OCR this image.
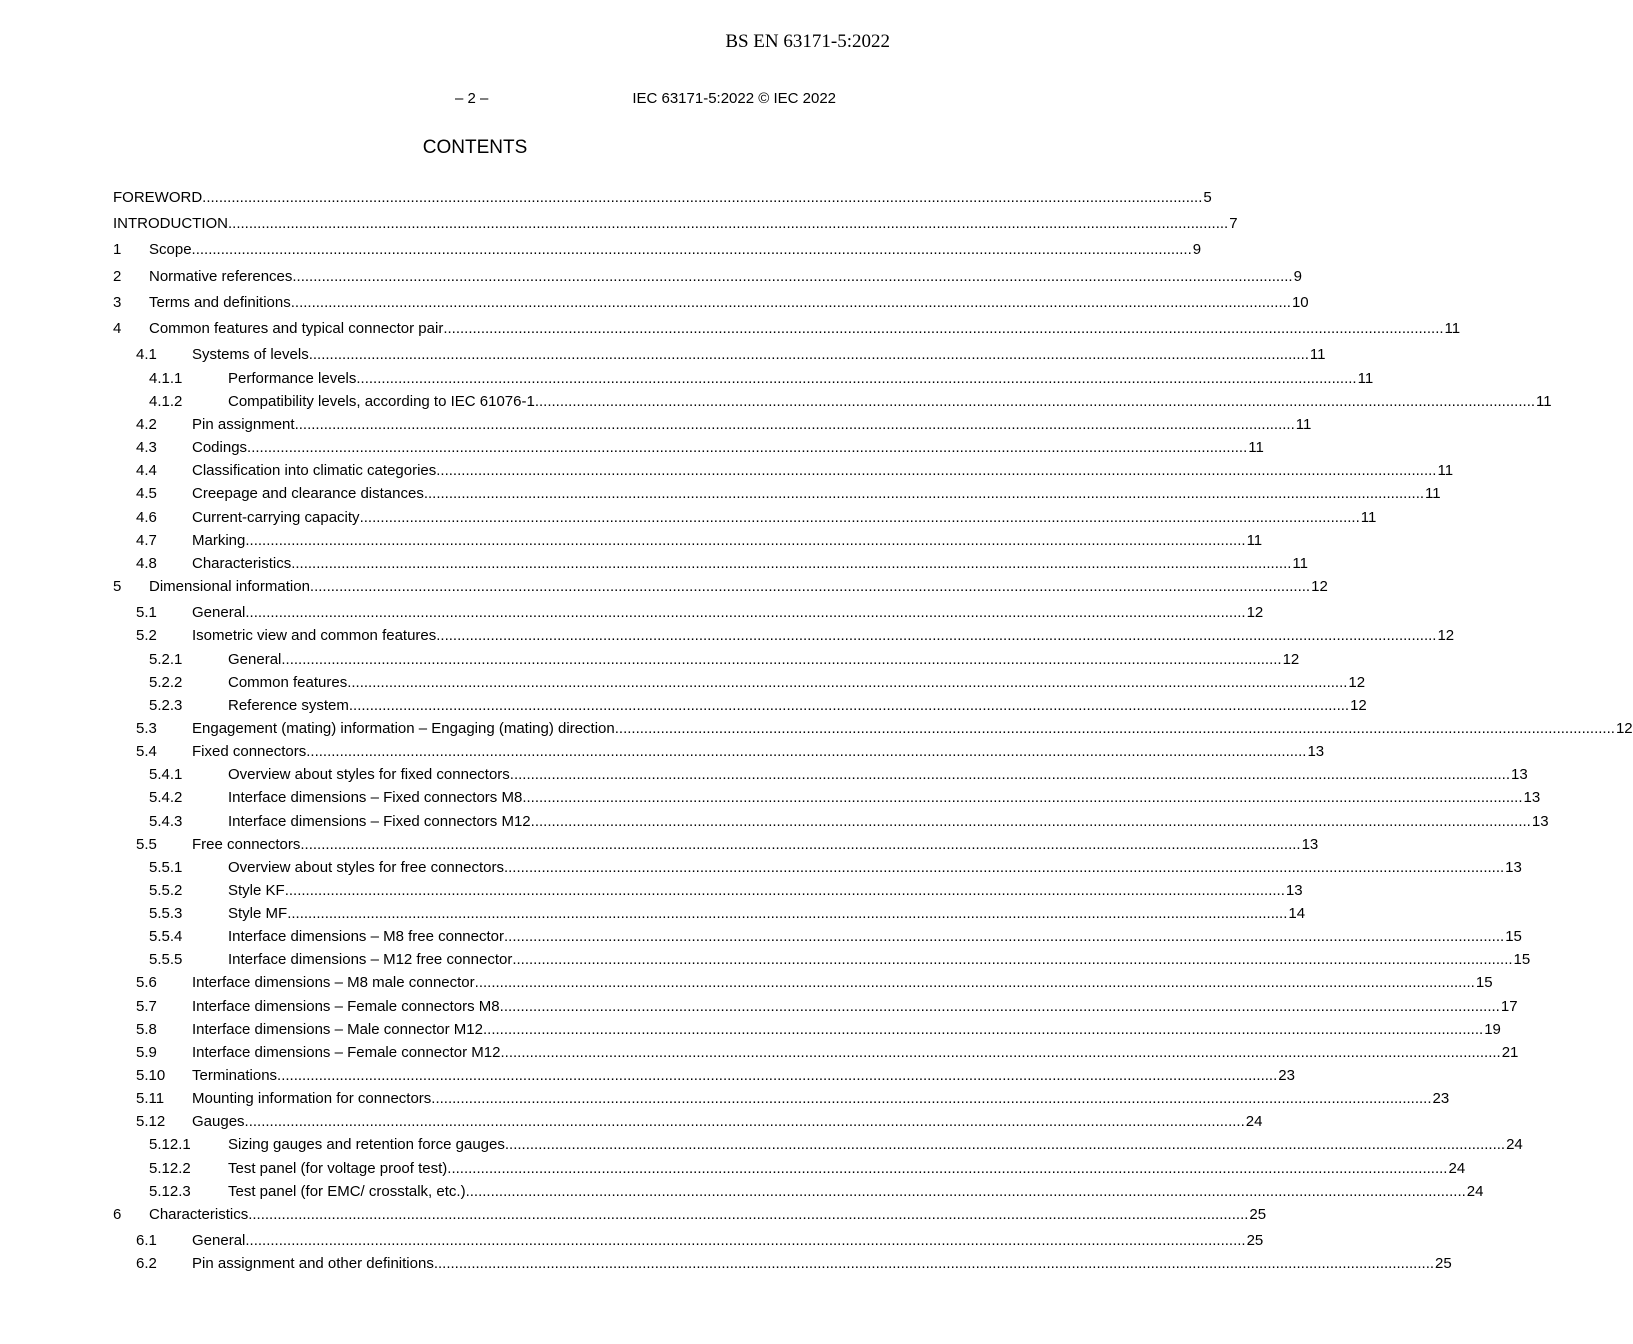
BS EN 63171-5:2022
– 2 –	IEC 63171-5:2022 © IEC 2022
CONTENTS
FOREWORD .....	5
INTRODUCTION .....	7
1	Scope .....	9
2	Normative references .....	9
3	Terms and definitions .....	10
4	Common features and typical connector pair .....	11
4.1	Systems of levels .....	11
4.1.1	Performance levels .....	11
4.1.2	Compatibility levels, according to IEC 61076-1 .....	11
4.2	Pin assignment .....	11
4.3	Codings .....	11
4.4	Classification into climatic categories .....	11
4.5	Creepage and clearance distances .....	11
4.6	Current-carrying capacity .....	11
4.7	Marking .....	11
4.8	Characteristics .....	11
5	Dimensional information .....	12
5.1	General .....	12
5.2	Isometric view and common features .....	12
5.2.1	General .....	12
5.2.2	Common features .....	12
5.2.3	Reference system .....	12
5.3	Engagement (mating) information – Engaging (mating) direction .....	12
5.4	Fixed connectors .....	13
5.4.1	Overview about styles for fixed connectors .....	13
5.4.2	Interface dimensions – Fixed connectors M8 .....	13
5.4.3	Interface dimensions – Fixed connectors M12 .....	13
5.5	Free connectors .....	13
5.5.1	Overview about styles for free connectors .....	13
5.5.2	Style KF .....	13
5.5.3	Style MF .....	14
5.5.4	Interface dimensions – M8 free connector .....	15
5.5.5	Interface dimensions – M12 free connector .....	15
5.6	Interface dimensions – M8 male connector .....	15
5.7	Interface dimensions – Female connectors M8 .....	17
5.8	Interface dimensions – Male connector M12 .....	19
5.9	Interface dimensions – Female connector M12 .....	21
5.10	Terminations .....	23
5.11	Mounting information for connectors .....	23
5.12	Gauges .....	24
5.12.1	Sizing gauges and retention force gauges .....	24
5.12.2	Test panel (for voltage proof test) .....	24
5.12.3	Test panel (for EMC/ crosstalk, etc.) .....	24
6	Characteristics .....	25
6.1	General .....	25
6.2	Pin assignment and other definitions .....	25
